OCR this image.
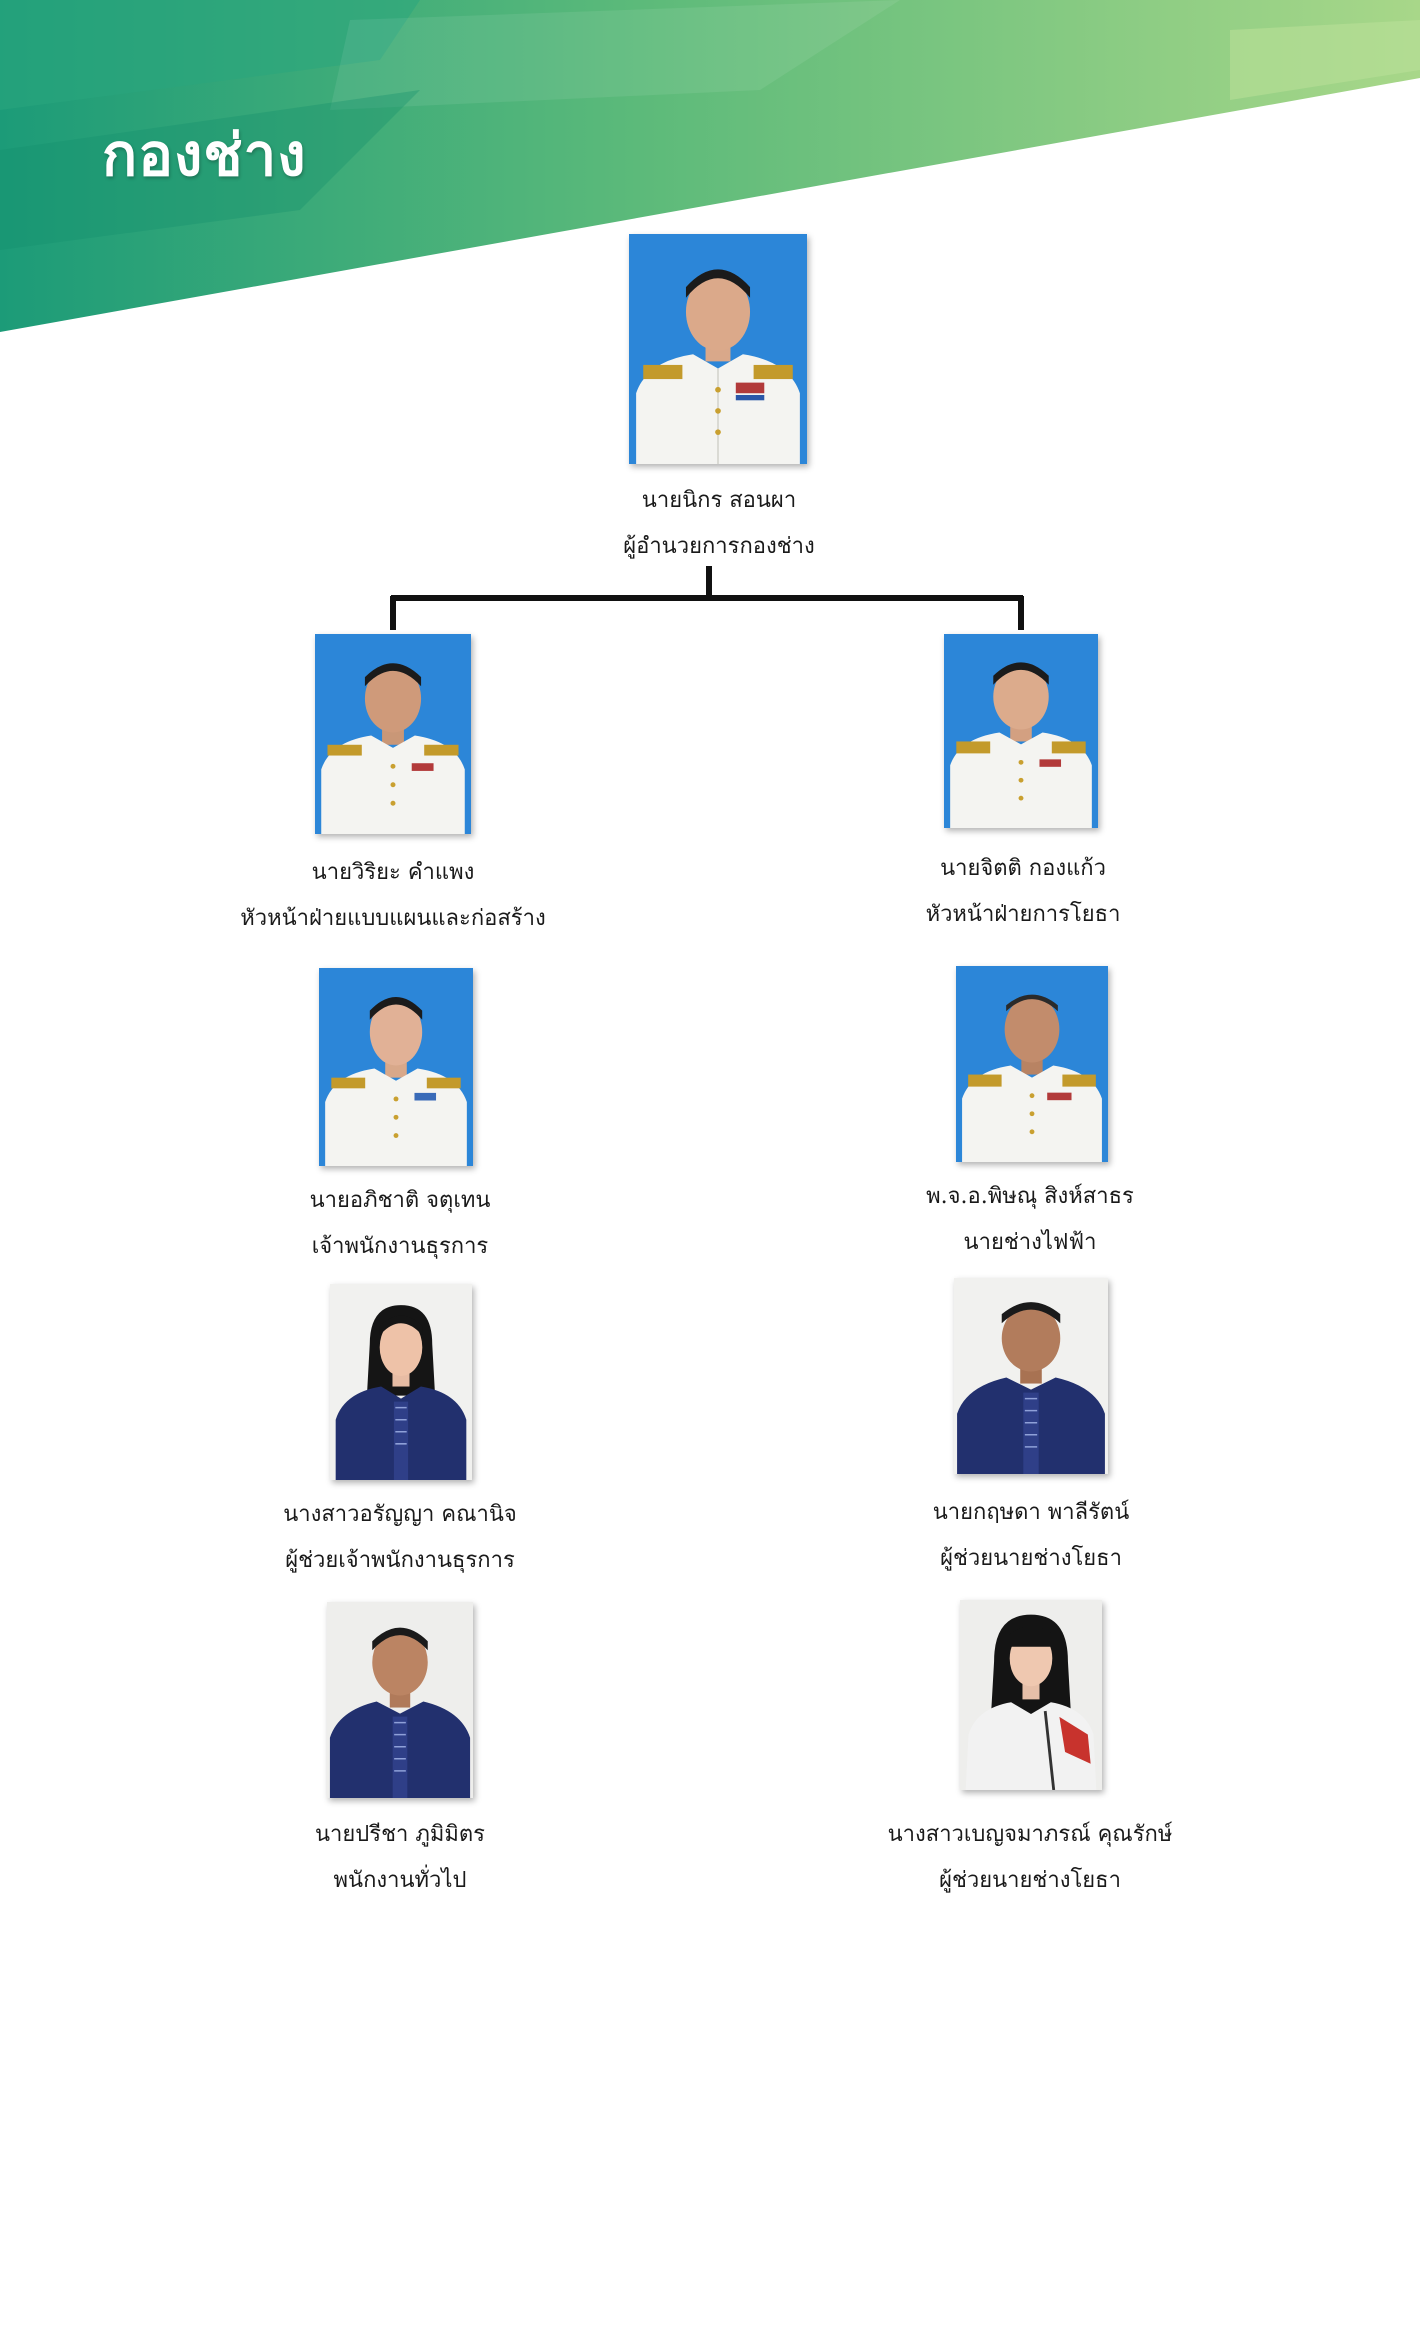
กองช่าง
นายนิกร สอนผา
ผู้อำนวยการกองช่าง
นายวิริยะ คำแพง
หัวหน้าฝ่ายแบบแผนและก่อสร้าง
นายอภิชาติ จตุเทน
เจ้าพนักงานธุรการ
นางสาวอรัญญา คณานิจ
ผู้ช่วยเจ้าพนักงานธุรการ
นายปรีชา ภูมิมิตร
พนักงานทั่วไป
นายจิตติ กองแก้ว
หัวหน้าฝ่ายการโยธา
พ.จ.อ.พิษณุ สิงห์สาธร
นายช่างไฟฟ้า
นายกฤษดา พาลีรัตน์
ผู้ช่วยนายช่างโยธา
นางสาวเบญจมาภรณ์ คุณรักษ์
ผู้ช่วยนายช่างโยธา
